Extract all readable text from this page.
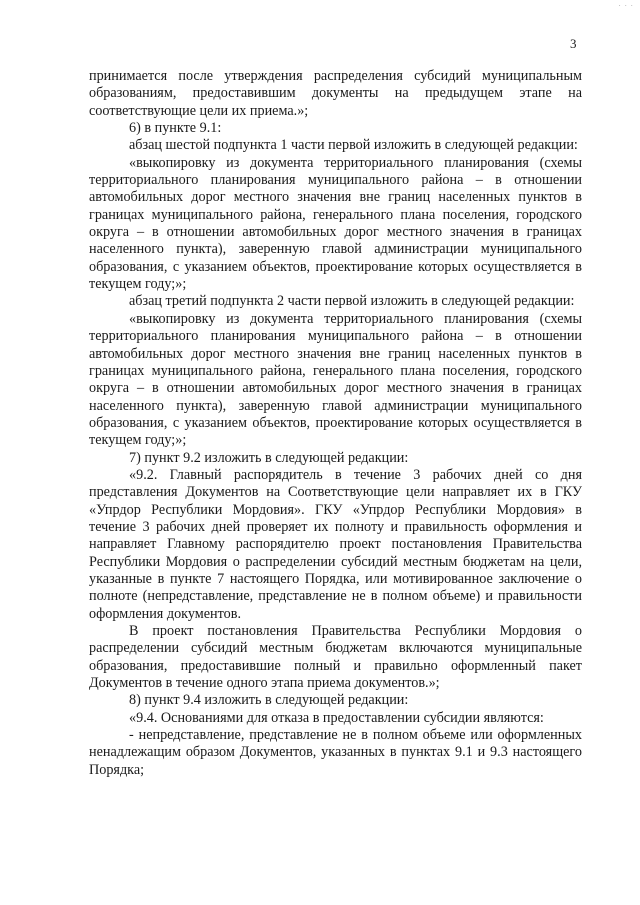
· · ·
3

принимается после утверждения распределения субсидий муниципальным образованиям, предоставившим документы на предыдущем этапе на соответствующие цели их приема.»;

6) в пункте 9.1:

абзац шестой подпункта 1 части первой изложить в следующей редакции:

«выкопировку из документа территориального планирования (схемы территориального планирования муниципального района – в отношении автомобильных дорог местного значения вне границ населенных пунктов в границах муниципального района, генерального плана поселения, городского округа – в отношении автомобильных дорог местного значения в границах населенного пункта), заверенную главой администрации муниципального образования, с указанием объектов, проектирование которых осуществляется в текущем году;»;

абзац третий подпункта 2 части первой изложить в следующей редакции:

«выкопировку из документа территориального планирования (схемы территориального планирования муниципального района – в отношении автомобильных дорог местного значения вне границ населенных пунктов в границах муниципального района, генерального плана поселения, городского округа – в отношении автомобильных дорог местного значения в границах населенного пункта), заверенную главой администрации муниципального образования, с указанием объектов, проектирование которых осуществляется в текущем году;»;

7) пункт 9.2 изложить в следующей редакции:

«9.2. Главный распорядитель в течение 3 рабочих дней со дня представления Документов на Соответствующие цели направляет их в ГКУ «Упрдор Республики Мордовия». ГКУ «Упрдор Республики Мордовия» в течение 3 рабочих дней проверяет их полноту и правильность оформления и направляет Главному распорядителю проект постановления Правительства Республики Мордовия о распределении субсидий местным бюджетам на цели, указанные в пункте 7 настоящего Порядка, или мотивированное заключение о полноте (непредставление, представление не в полном объеме) и правильности оформления документов.

В проект постановления Правительства Республики Мордовия о распределении субсидий местным бюджетам включаются муниципальные образования, предоставившие полный и правильно оформленный пакет Документов в течение одного этапа приема документов.»;

8) пункт 9.4 изложить в следующей редакции:

«9.4. Основаниями для отказа в предоставлении субсидии являются:

- непредставление, представление не в полном объеме или оформленных ненадлежащим образом Документов, указанных в пунктах 9.1 и 9.3 настоящего Порядка;
